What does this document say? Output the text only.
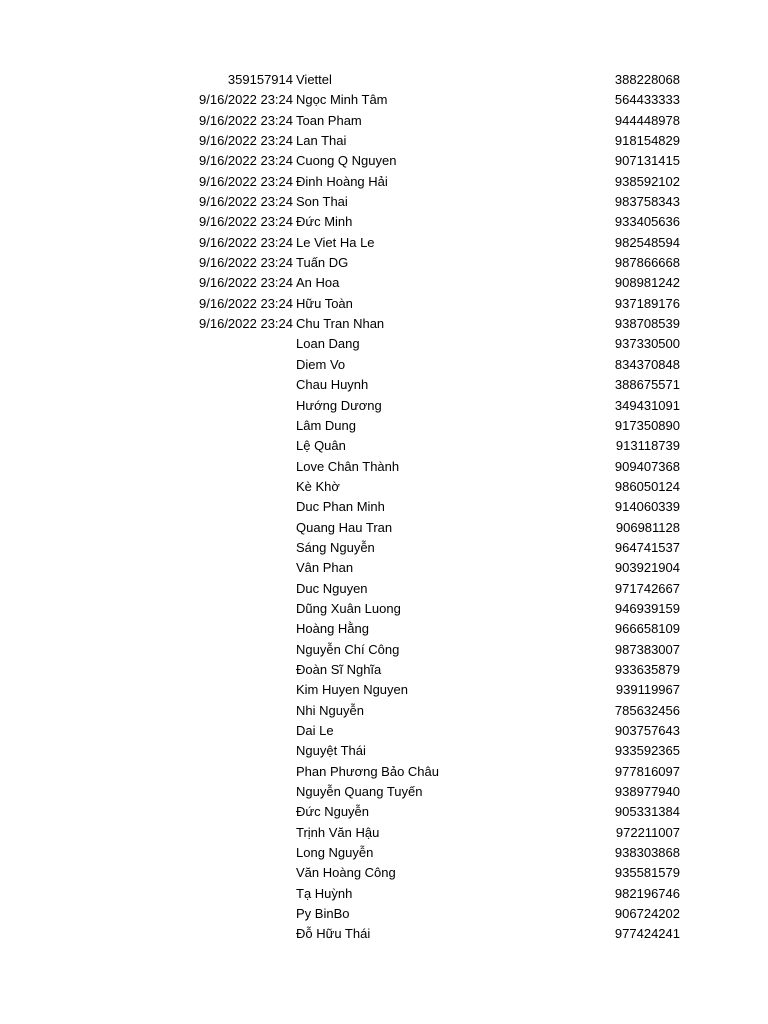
359157914 Viettel	388228068
9/16/2022 23:24 Ngọc Minh Tâm	564433333
9/16/2022 23:24 Toan Pham	944448978
9/16/2022 23:24 Lan Thai	918154829
9/16/2022 23:24 Cuong Q Nguyen	907131415
9/16/2022 23:24 Đinh Hoàng Hải	938592102
9/16/2022 23:24 Son Thai	983758343
9/16/2022 23:24 Đức Minh	933405636
9/16/2022 23:24 Le Viet Ha Le	982548594
9/16/2022 23:24 Tuấn DG	987866668
9/16/2022 23:24 An Hoa	908981242
9/16/2022 23:24 Hữu Toàn	937189176
9/16/2022 23:24 Chu Tran Nhan	938708539
Loan Dang	937330500
Diem Vo	834370848
Chau Huynh	388675571
Hướng Dương	349431091
Lâm Dung	917350890
Lệ Quân	913118739
Love Chân Thành	909407368
Kè Khờ	986050124
Duc Phan Minh	914060339
Quang Hau Tran	906981128
Sáng Nguyễn	964741537
Vân Phan	903921904
Duc Nguyen	971742667
Dũng Xuân Luong	946939159
Hoàng Hằng	966658109
Nguyễn Chí Công	987383007
Đoàn Sĩ Nghĩa	933635879
Kim Huyen Nguyen	939119967
Nhi Nguyễn	785632456
Dai Le	903757643
Nguyệt Thái	933592365
Phan Phương Bảo Châu	977816097
Nguyễn Quang Tuyến	938977940
Đức Nguyễn	905331384
Trịnh Văn Hậu	972211007
Long Nguyễn	938303868
Văn Hoàng Công	935581579
Tạ Huỳnh	982196746
Py BinBo	906724202
Đỗ Hữu Thái	977424241
